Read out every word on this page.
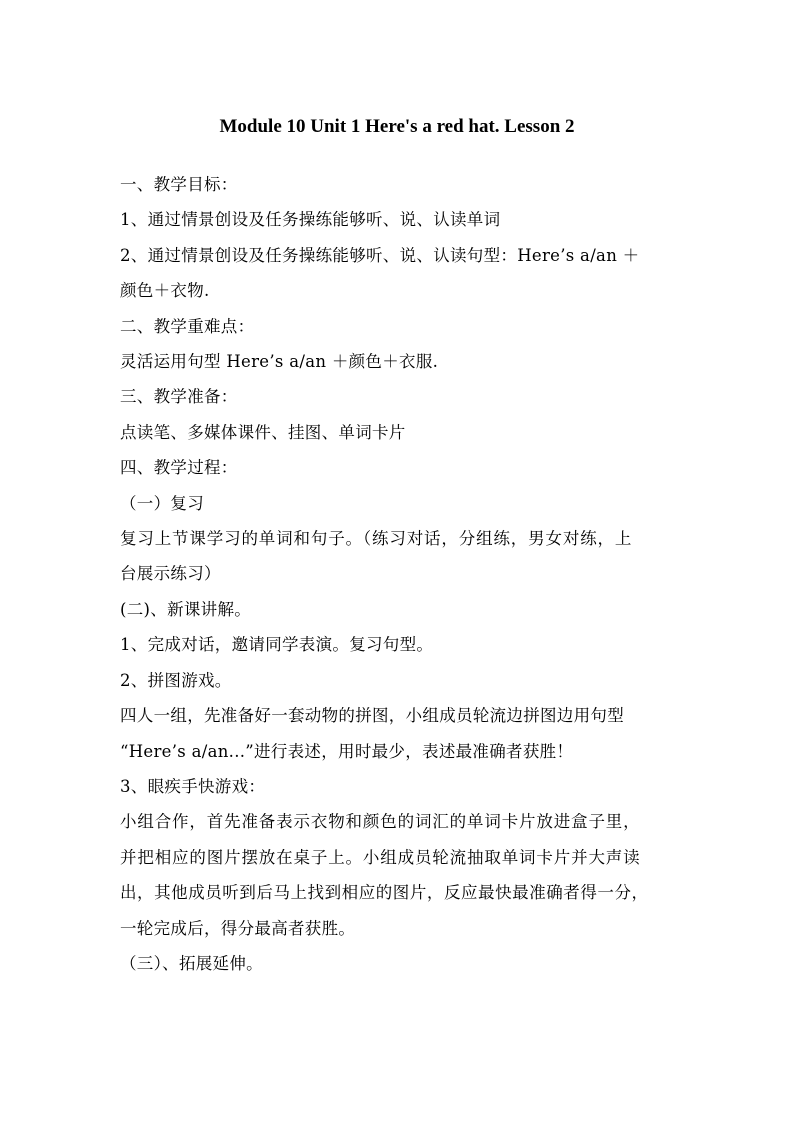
Module 10 Unit 1 Here's a red hat. Lesson 2

一、教学目标：

1、通过情景创设及任务操练能够听、说、认读单词

2、通过情景创设及任务操练能够听、说、认读句型：Here’s a/an ＋

颜色＋衣物.

二、教学重难点：

灵活运用句型 Here’s a/an ＋颜色＋衣服.

三、教学准备：

点读笔、多媒体课件、挂图、单词卡片

四、教学过程：

（一）复习

复习上节课学习的单词和句子。（练习对话，分组练，男女对练，上

台展示练习）

(二)、新课讲解。

1、完成对话，邀请同学表演。复习句型。

2、拼图游戏。

四人一组，先准备好一套动物的拼图，小组成员轮流边拼图边用句型

“Here’s a/an...”进行表述，用时最少，表述最准确者获胜！

3、眼疾手快游戏：

小组合作，首先准备表示衣物和颜色的词汇的单词卡片放进盒子里，

并把相应的图片摆放在桌子上。小组成员轮流抽取单词卡片并大声读

出，其他成员听到后马上找到相应的图片，反应最快最准确者得一分，

一轮完成后，得分最高者获胜。

（三）、拓展延伸。
